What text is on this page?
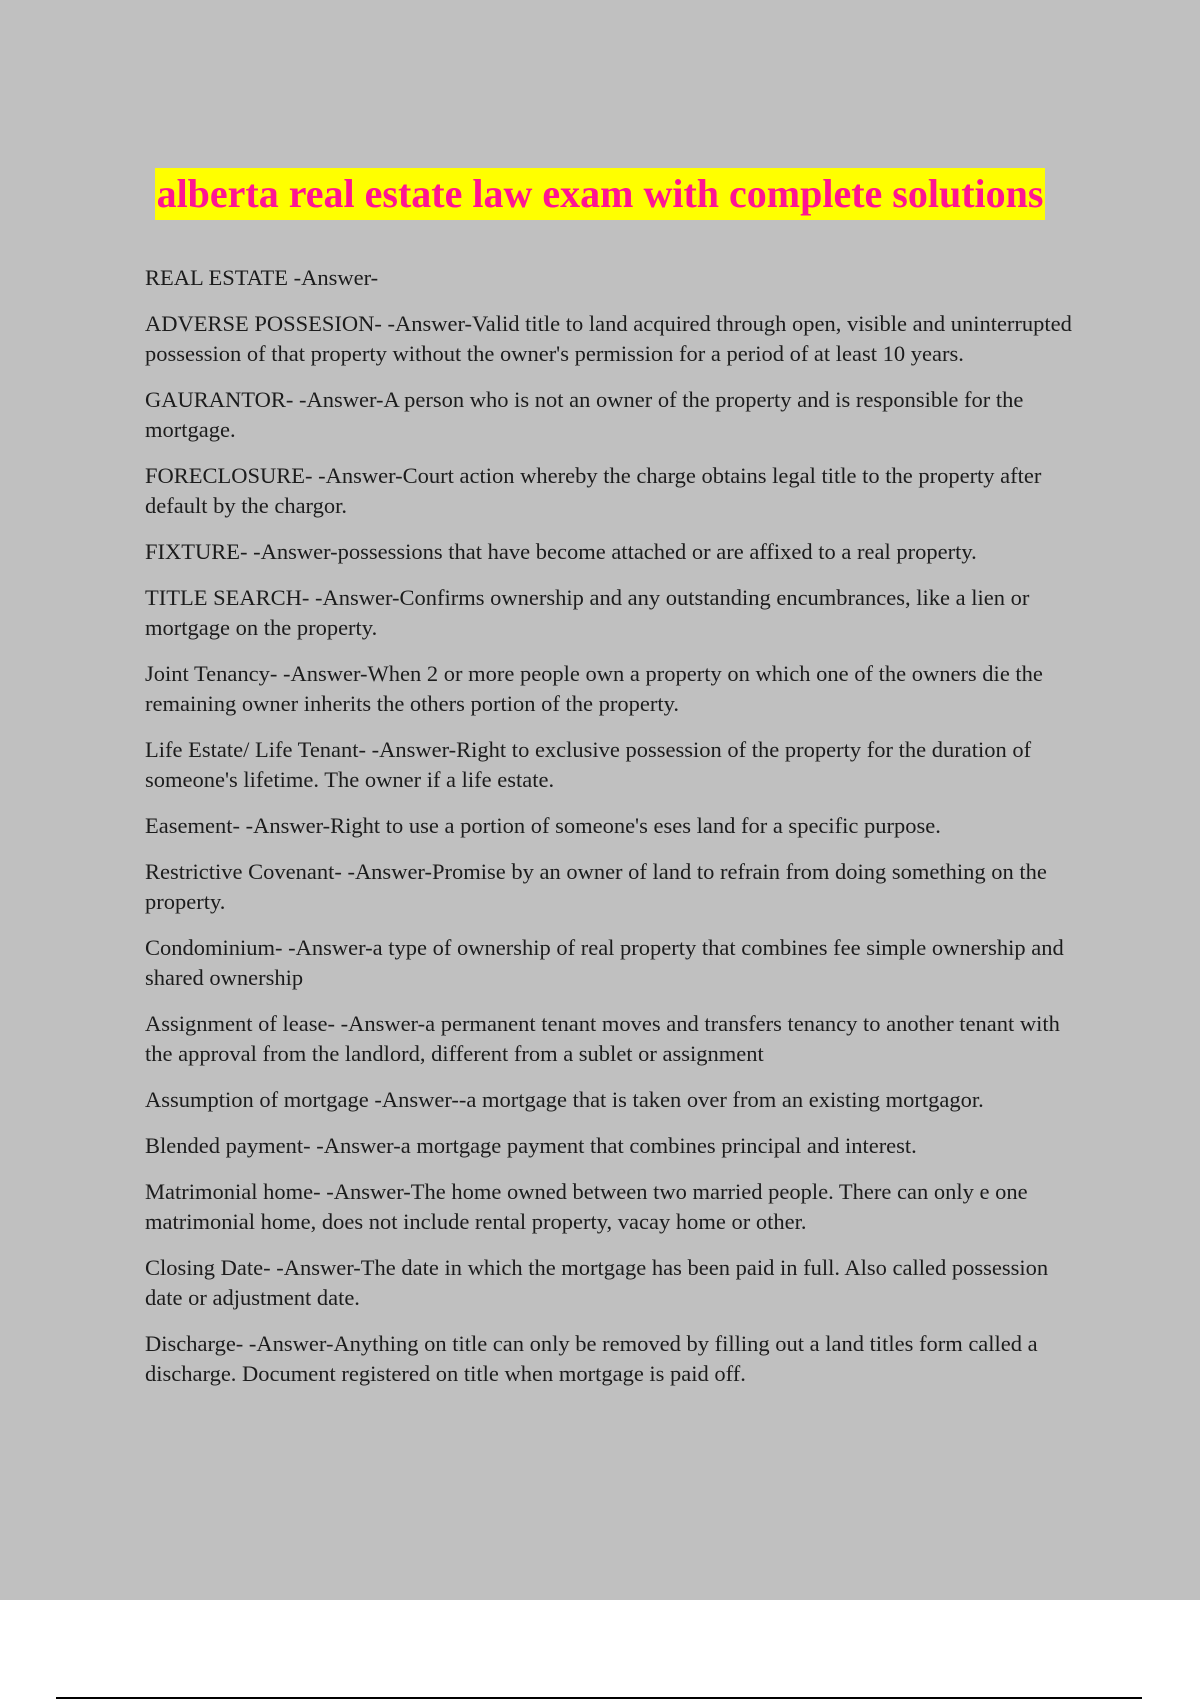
alberta real estate law exam with complete solutions

REAL ESTATE -Answer-

ADVERSE POSSESION- -Answer-Valid title to land acquired through open, visible and uninterrupted possession of that property without the owner's permission for a period of at least 10 years.

GAURANTOR- -Answer-A person who is not an owner of the property and is responsible for the mortgage.

FORECLOSURE- -Answer-Court action whereby the charge obtains legal title to the property after default by the chargor.

FIXTURE- -Answer-possessions that have become attached or are affixed to a real property.

TITLE SEARCH- -Answer-Confirms ownership and any outstanding encumbrances, like a lien or mortgage on the property.

Joint Tenancy- -Answer-When 2 or more people own a property on which one of the owners die the remaining owner inherits the others portion of the property.

Life Estate/ Life Tenant- -Answer-Right to exclusive possession of the property for the duration of someone's lifetime. The owner if a life estate.

Easement- -Answer-Right to use a portion of someone's eses land for a specific purpose.

Restrictive Covenant- -Answer-Promise by an owner of land to refrain from doing something on the property.

Condominium- -Answer-a type of ownership of real property that combines fee simple ownership and shared ownership

Assignment of lease- -Answer-a permanent tenant moves and transfers tenancy to another tenant with the approval from the landlord, different from a sublet or assignment

Assumption of mortgage -Answer--a mortgage that is taken over from an existing mortgagor.

Blended payment- -Answer-a mortgage payment that combines principal and interest.

Matrimonial home- -Answer-The home owned between two married people. There can only e one matrimonial home, does not include rental property, vacay home or other.

Closing Date- -Answer-The date in which the mortgage has been paid in full. Also called possession date or adjustment date.

Discharge- -Answer-Anything on title can only be removed by filling out a land titles form called a discharge. Document registered on title when mortgage is paid off.
